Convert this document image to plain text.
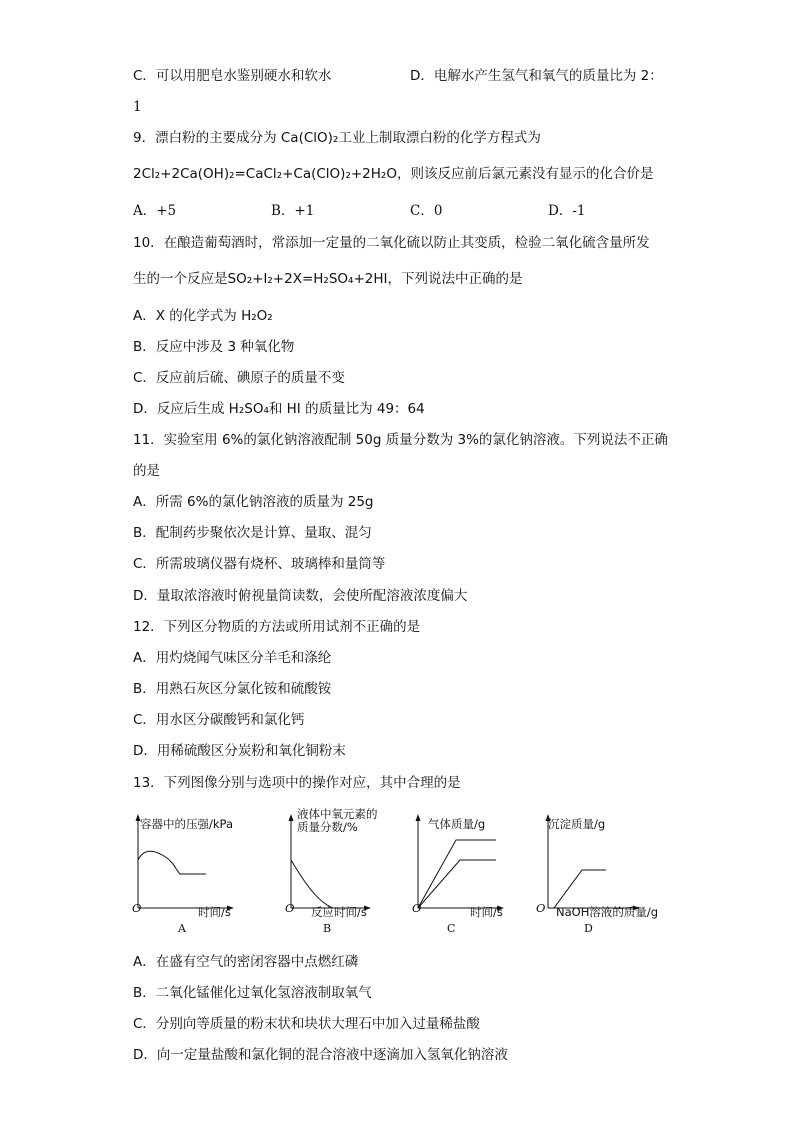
C．可以用肥皂水鉴别硬水和软水	D．电解水产生氢气和氧气的质量比为 2：
1
9．漂白粉的主要成分为 Ca(ClO)₂工业上制取漂白粉的化学方程式为
2Cl₂+2Ca(OH)₂=CaCl₂+Ca(ClO)₂+2H₂O，则该反应前后氯元素没有显示的化合价是
A．+5	B．+1	C．0	D．-1
10．在酿造葡萄酒时，常添加一定量的二氧化硫以防止其变质，检验二氧化硫含量所发
生的一个反应是SO₂+I₂+2X=H₂SO₄+2HI，下列说法中正确的是
A．X 的化学式为 H₂O₂
B．反应中涉及 3 种氧化物
C．反应前后硫、碘原子的质量不变
D．反应后生成 H₂SO₄和 HI 的质量比为 49：64
11．实验室用 6%的氯化钠溶液配制 50g 质量分数为 3%的氯化钠溶液。下列说法不正确
的是
A．所需 6%的氯化钠溶液的质量为 25g
B．配制药步聚依次是计算、量取、混匀
C．所需玻璃仪器有烧杯、玻璃棒和量筒等
D．量取浓溶液时俯视量筒读数，会使所配溶液浓度偏大
12．下列区分物质的方法或所用试剂不正确的是
A．用灼烧闻气味区分羊毛和涤纶
B．用熟石灰区分氯化铵和硫酸铵
C．用水区分碳酸钙和氯化钙
D．用稀硫酸区分炭粉和氧化铜粉末
13．下列图像分别与选项中的操作对应，其中合理的是
容器中的压强/kPa
O	时间/s
A
液体中氧元素的
质量分数/%
O 反应时间/s
B
气体质量/g
O	时间/s
C
沉淀质量/g
O NaOH溶液的质量/g
D
A．在盛有空气的密闭容器中点燃红磷
B．二氧化锰催化过氧化氢溶液制取氧气
C．分别向等质量的粉末状和块状大理石中加入过量稀盐酸
D．向一定量盐酸和氯化铜的混合溶液中逐滴加入氢氧化钠溶液
